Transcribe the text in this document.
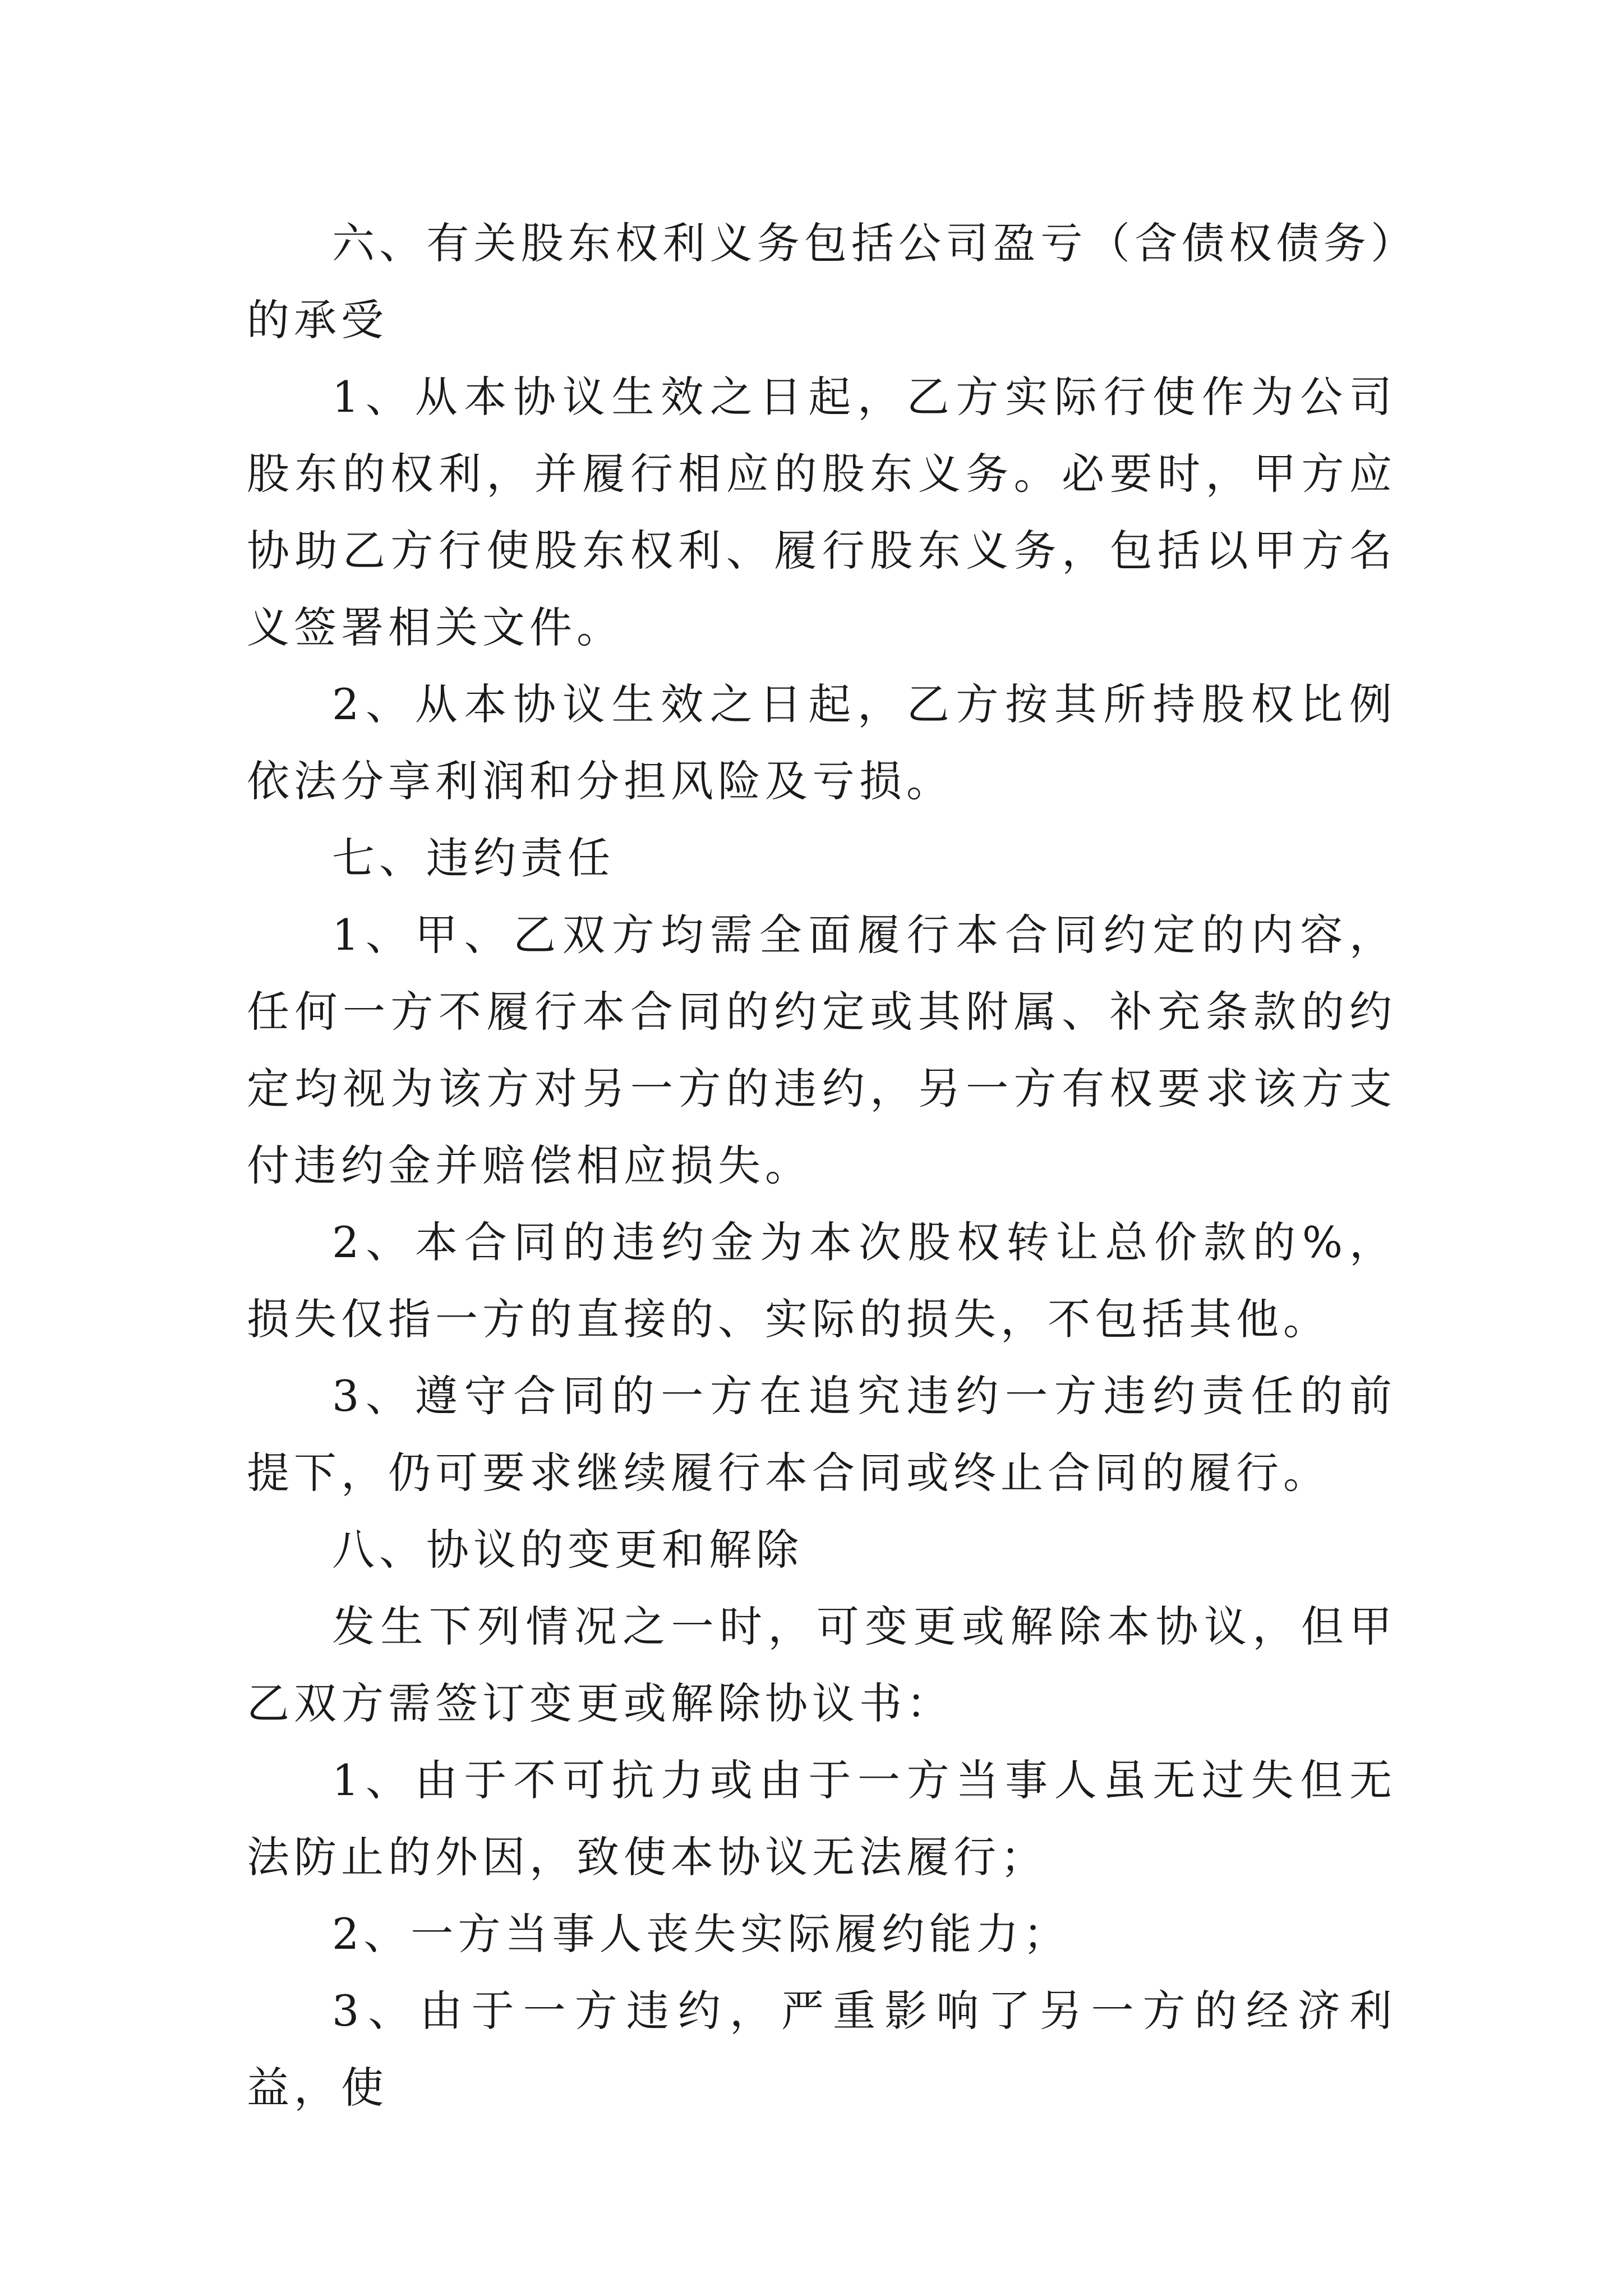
六、有关股东权利义务包括公司盈亏（含债权债务）的承受

1、从本协议生效之日起，乙方实际行使作为公司股东的权利，并履行相应的股东义务。必要时，甲方应协助乙方行使股东权利、履行股东义务，包括以甲方名义签署相关文件。

2、从本协议生效之日起，乙方按其所持股权比例依法分享利润和分担风险及亏损。

七、违约责任

1、甲、乙双方均需全面履行本合同约定的内容，任何一方不履行本合同的约定或其附属、补充条款的约定均视为该方对另一方的违约，另一方有权要求该方支付违约金并赔偿相应损失。

2、本合同的违约金为本次股权转让总价款的%，损失仅指一方的直接的、实际的损失，不包括其他。

3、遵守合同的一方在追究违约一方违约责任的前提下，仍可要求继续履行本合同或终止合同的履行。

八、协议的变更和解除

发生下列情况之一时，可变更或解除本协议，但甲乙双方需签订变更或解除协议书：

1、由于不可抗力或由于一方当事人虽无过失但无法防止的外因，致使本协议无法履行；

2、一方当事人丧失实际履约能力；

3、由于一方违约，严重影响了另一方的经济利益，使
